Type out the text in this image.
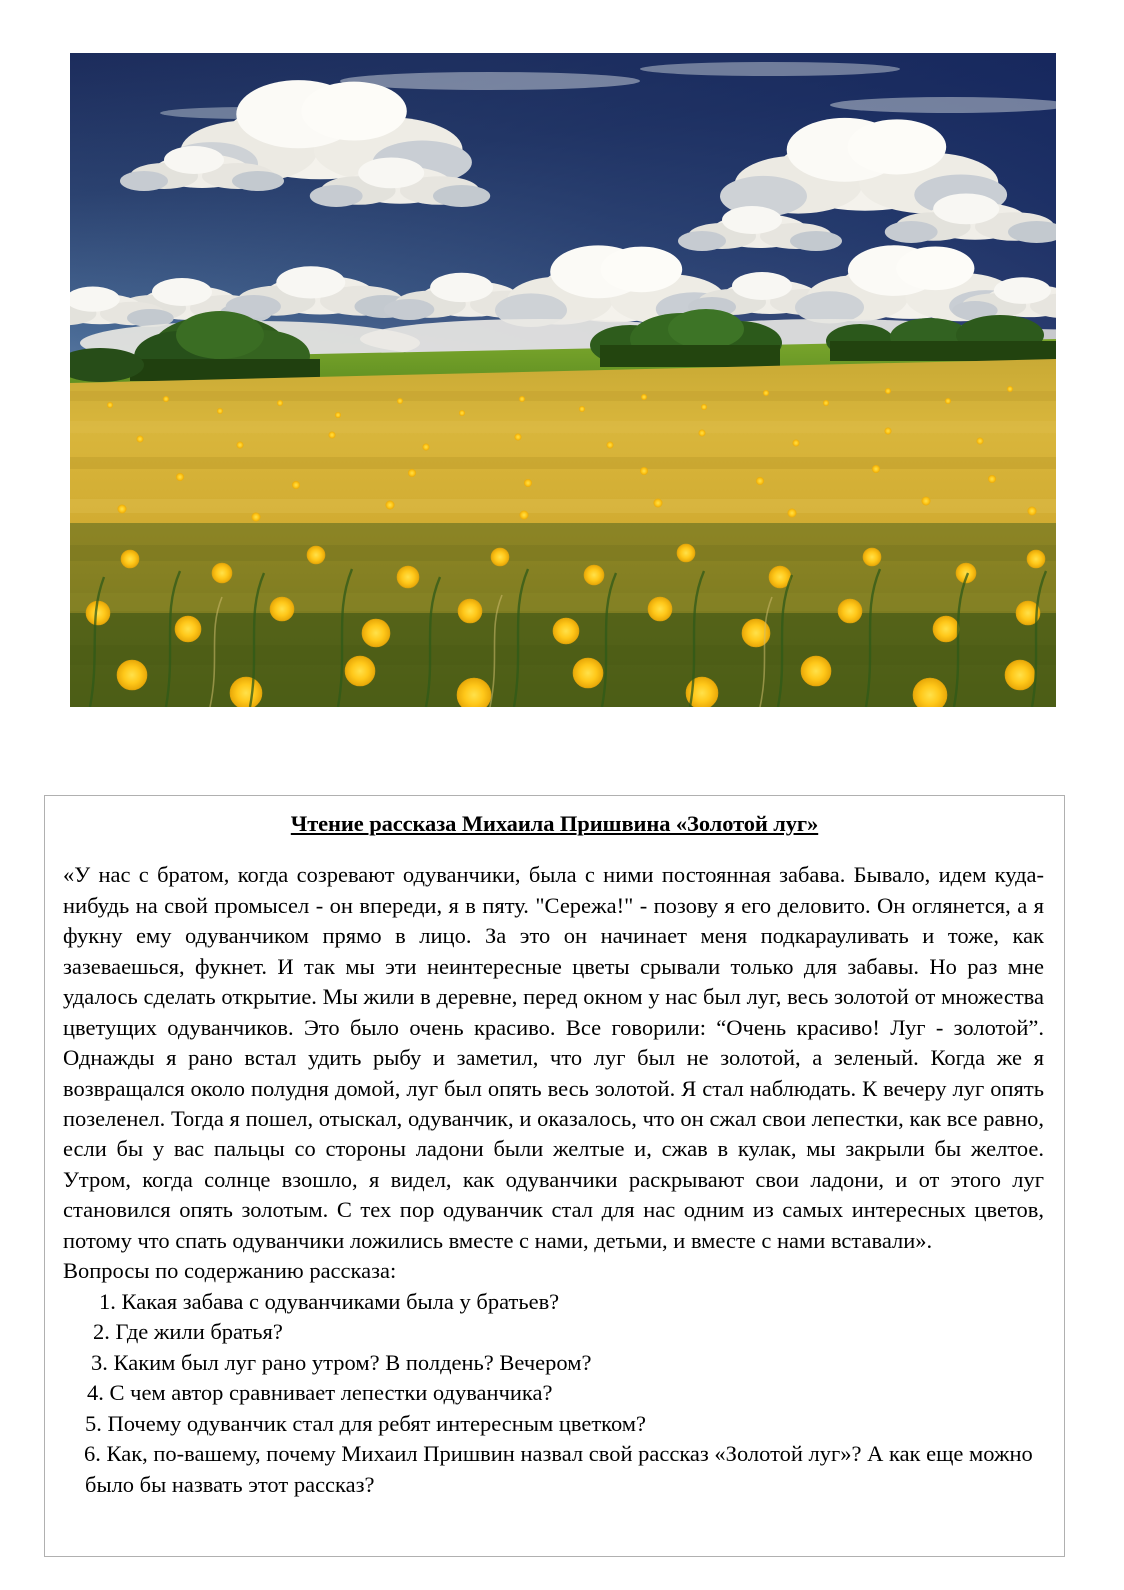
Чтение рассказа Михаила Пришвина «Золотой луг»

«У нас с братом, когда созревают одуванчики, была с ними постоянная забава. Бывало, идем куда-нибудь на свой промысел - он впереди, я в пяту. "Сережа!" - позову я его деловито. Он оглянется, а я фукну ему одуванчиком прямо в лицо. За это он начинает меня подкарауливать и тоже, как зазеваешься, фукнет. И так мы эти неинтересные цветы срывали только для забавы. Но раз мне удалось сделать открытие. Мы жили в деревне, перед окном у нас был луг, весь золотой от множества цветущих одуванчиков. Это было очень красиво. Все говорили: “Очень красиво! Луг - золотой”. Однажды я рано встал удить рыбу и заметил, что луг был не золотой, а зеленый. Когда же я возвращался около полудня домой, луг был опять весь золотой. Я стал наблюдать. К вечеру луг опять позеленел. Тогда я пошел, отыскал, одуванчик, и оказалось, что он сжал свои лепестки, как все равно, если бы у вас пальцы со стороны ладони были желтые и, сжав в кулак, мы закрыли бы желтое. Утром, когда солнце взошло, я видел, как одуванчики раскрывают свои ладони, и от этого луг становился опять золотым. С тех пор одуванчик стал для нас одним из самых интересных цветов, потому что спать одуванчики ложились вместе с нами, детьми, и вместе с нами вставали».

Вопросы по содержанию рассказа:

1. Какая забава с одуванчиками была у братьев?
2. Где жили братья?
3. Каким был луг рано утром? В полдень? Вечером?
4. С чем автор сравнивает лепестки одуванчика?
5. Почему одуванчик стал для ребят интересным цветком?
6. Как, по-вашему, почему Михаил Пришвин назвал свой рассказ «Золотой луг»? А как еще можно было бы назвать этот рассказ?
